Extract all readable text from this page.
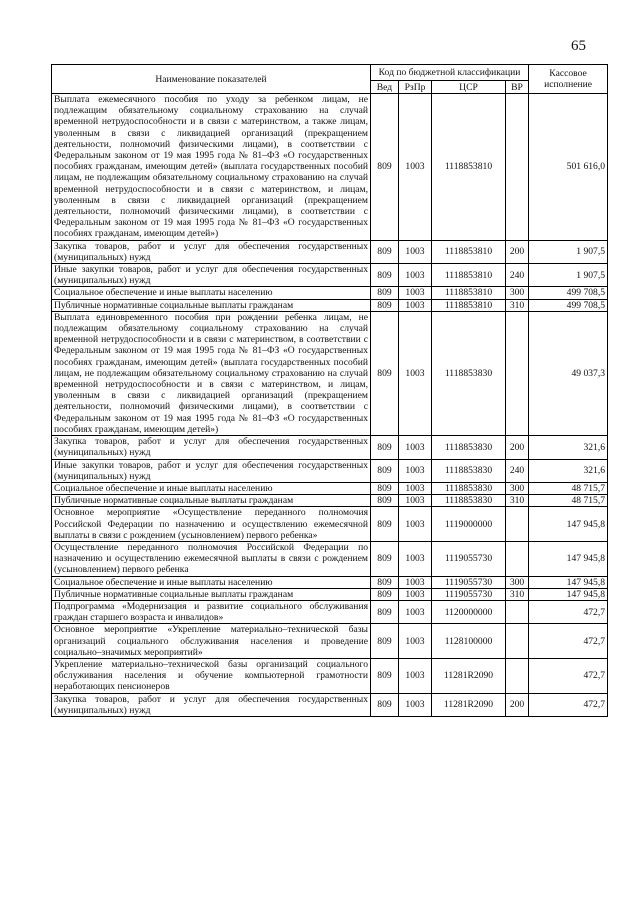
65
Наименование показателей	Код по бюджетной классификации				Кассовое исполнение
	Вед	РзПр	ЦСР	ВР	
Выплата ежемесячного пособия по уходу за ребенком лицам, не подлежащим обязательному социальному страхованию на случай временной нетрудоспособности и в связи с материнством, а также лицам, уволенным в связи с ликвидацией организаций (прекращением деятельности, полномочий физическими лицами), в соответствии с Федеральным законом от 19 мая 1995 года № 81–ФЗ «О государственных пособиях гражданам, имеющим детей» (выплата государственных пособий лицам, не подлежащим обязательному социальному страхованию на случай временной нетрудоспособности и в связи с материнством, и лицам, уволенным в связи с ликвидацией организаций (прекращением деятельности, полномочий физическими лицами), в соответствии с Федеральным законом от 19 мая 1995 года № 81–ФЗ «О государственных пособиях гражданам, имеющим детей»)	809	1003	1118853810		501 616,0
Закупка товаров, работ и услуг для обеспечения государственных (муниципальных) нужд	809	1003	1118853810	200	1 907,5
Иные закупки товаров, работ и услуг для обеспечения государственных (муниципальных) нужд	809	1003	1118853810	240	1 907,5
Социальное обеспечение и иные выплаты населению	809	1003	1118853810	300	499 708,5
Публичные нормативные социальные выплаты гражданам	809	1003	1118853810	310	499 708,5
Выплата единовременного пособия при рождении ребенка лицам, не подлежащим обязательному социальному страхованию на случай временной нетрудоспособности и в связи с материнством, в соответствии с Федеральным законом от 19 мая 1995 года № 81–ФЗ «О государственных пособиях гражданам, имеющим детей» (выплата государственных пособий лицам, не подлежащим обязательному социальному страхованию на случай временной нетрудоспособности и в связи с материнством, и лицам, уволенным в связи с ликвидацией организаций (прекращением деятельности, полномочий физическими лицами), в соответствии с Федеральным законом от 19 мая 1995 года № 81–ФЗ «О государственных пособиях гражданам, имеющим детей»)	809	1003	1118853830		49 037,3
Закупка товаров, работ и услуг для обеспечения государственных (муниципальных) нужд	809	1003	1118853830	200	321,6
Иные закупки товаров, работ и услуг для обеспечения государственных (муниципальных) нужд	809	1003	1118853830	240	321,6
Социальное обеспечение и иные выплаты населению	809	1003	1118853830	300	48 715,7
Публичные нормативные социальные выплаты гражданам	809	1003	1118853830	310	48 715,7
Основное мероприятие «Осуществление переданного полномочия Российской Федерации по назначению и осуществлению ежемесячной выплаты в связи с рождением (усыновлением) первого ребенка»	809	1003	1119000000		147 945,8
Осуществление переданного полномочия Российской Федерации по назначению и осуществлению ежемесячной выплаты в связи с рождением (усыновлением) первого ребенка	809	1003	1119055730		147 945,8
Социальное обеспечение и иные выплаты населению	809	1003	1119055730	300	147 945,8
Публичные нормативные социальные выплаты гражданам	809	1003	1119055730	310	147 945,8
Подпрограмма «Модернизация и развитие социального обслуживания граждан старшего возраста и инвалидов»	809	1003	1120000000		472,7
Основное мероприятие «Укрепление материально–технической базы организаций социального обслуживания населения и проведение социально–значимых мероприятий»	809	1003	1128100000		472,7
Укрепление материально–технической базы организаций социального обслуживания населения и обучение компьютерной грамотности неработающих пенсионеров	809	1003	11281R2090		472,7
Закупка товаров, работ и услуг для обеспечения государственных (муниципальных) нужд	809	1003	11281R2090	200	472,7
